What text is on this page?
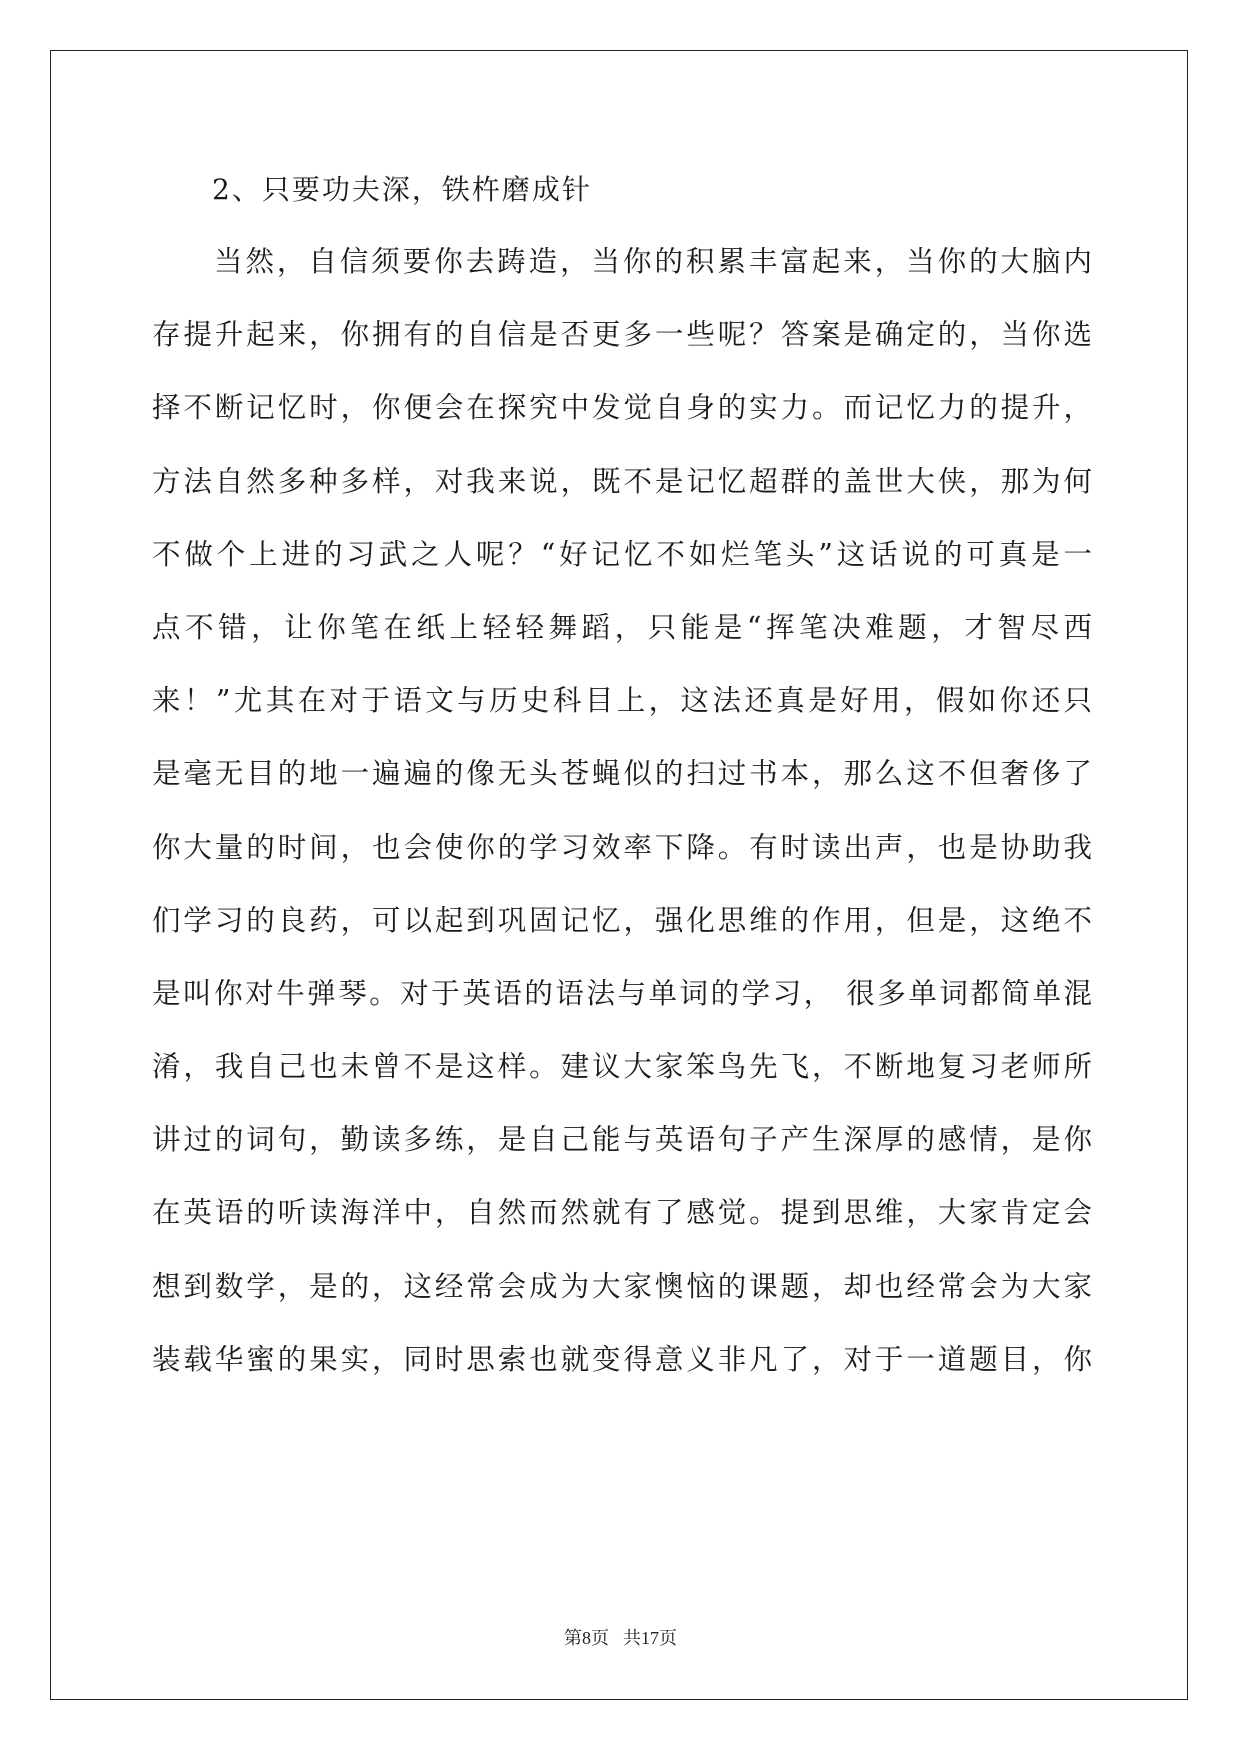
2、只要功夫深，铁杵磨成针
当然，自信须要你去踌造，当你的积累丰富起来，当你的大脑内
存提升起来，你拥有的自信是否更多一些呢？答案是确定的，当你选
择不断记忆时，你便会在探究中发觉自身的实力。而记忆力的提升，
方法自然多种多样，对我来说，既不是记忆超群的盖世大侠，那为何
不做个上进的习武之人呢？“好记忆不如烂笔头”这话说的可真是一
点不错，让你笔在纸上轻轻舞蹈，只能是“挥笔决难题，才智尽西
来！”尤其在对于语文与历史科目上，这法还真是好用，假如你还只
是毫无目的地一遍遍的像无头苍蝇似的扫过书本，那么这不但奢侈了
你大量的时间，也会使你的学习效率下降。有时读出声，也是协助我
们学习的良药，可以起到巩固记忆，强化思维的作用，但是，这绝不
是叫你对牛弹琴。对于英语的语法与单词的学习， 很多单词都简单混
淆，我自己也未曾不是这样。建议大家笨鸟先飞，不断地复习老师所
讲过的词句，勤读多练，是自己能与英语句子产生深厚的感情，是你
在英语的听读海洋中，自然而然就有了感觉。提到思维，大家肯定会
想到数学，是的，这经常会成为大家懊恼的课题，却也经常会为大家
装载华蜜的果实，同时思索也就变得意义非凡了，对于一道题目，你
第8页 共17页
